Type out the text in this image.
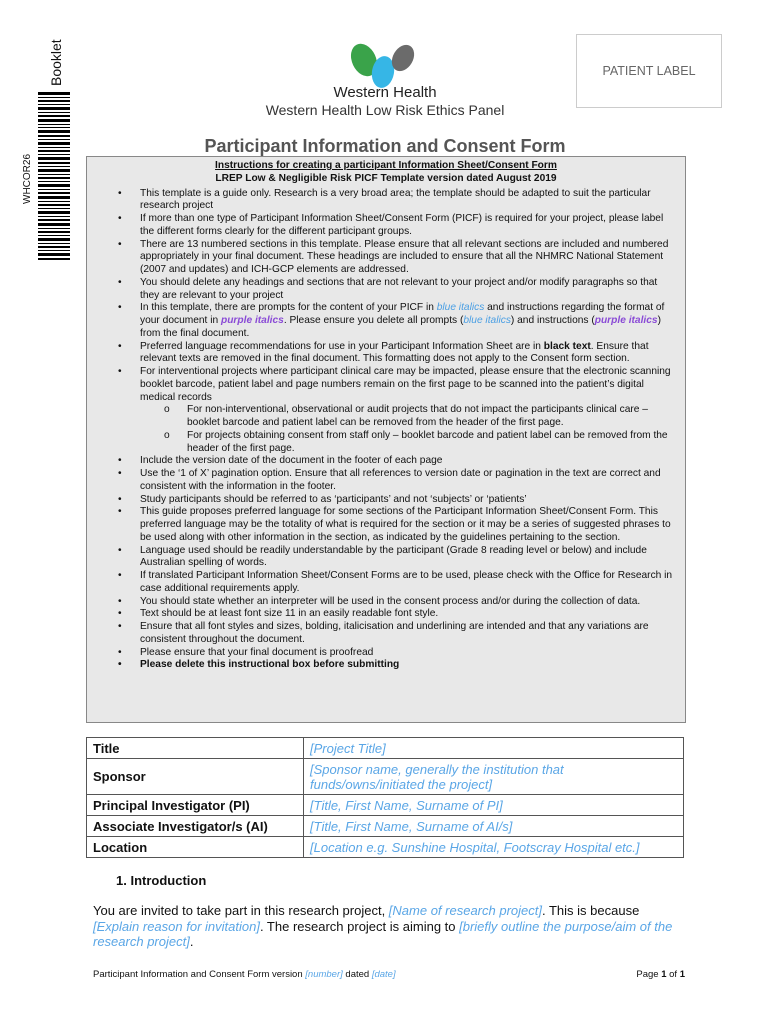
Booklet
WHCOR26
Western Health
Western Health Low Risk Ethics Panel
PATIENT LABEL
Participant Information and Consent Form
Instructions for creating a participant Information Sheet/Consent Form
LREP Low & Negligible Risk PICF Template version dated August 2019
• This template is a guide only. Research is a very broad area; the template should be adapted to suit the particular research project
• If more than one type of Participant Information Sheet/Consent Form (PICF) is required for your project, please label the different forms clearly for the different participant groups.
• There are 13 numbered sections in this template. Please ensure that all relevant sections are included and numbered appropriately in your final document. These headings are included to ensure that all the NHMRC National Statement (2007 and updates) and ICH-GCP elements are addressed.
• You should delete any headings and sections that are not relevant to your project and/or modify paragraphs so that they are relevant to your project
• In this template, there are prompts for the content of your PICF in blue italics and instructions regarding the format of your document in purple italics. Please ensure you delete all prompts (blue italics) and instructions (purple italics) from the final document.
• Preferred language recommendations for use in your Participant Information Sheet are in black text. Ensure that relevant texts are removed in the final document. This formatting does not apply to the Consent form section.
• For interventional projects where participant clinical care may be impacted, please ensure that the electronic scanning booklet barcode, patient label and page numbers remain on the first page to be scanned into the patient’s digital medical records
o For non-interventional, observational or audit projects that do not impact the participants clinical care – booklet barcode and patient label can be removed from the header of the first page.
o For projects obtaining consent from staff only – booklet barcode and patient label can be removed from the header of the first page.
• Include the version date of the document in the footer of each page
• Use the ‘1 of X’ pagination option. Ensure that all references to version date or pagination in the text are correct and consistent with the information in the footer.
• Study participants should be referred to as ‘participants’ and not ‘subjects’ or ‘patients’
• This guide proposes preferred language for some sections of the Participant Information Sheet/Consent Form. This preferred language may be the totality of what is required for the section or it may be a series of suggested phrases to be used along with other information in the section, as indicated by the guidelines pertaining to the section.
• Language used should be readily understandable by the participant (Grade 8 reading level or below) and include Australian spelling of words.
• If translated Participant Information Sheet/Consent Forms are to be used, please check with the Office for Research in case additional requirements apply.
• You should state whether an interpreter will be used in the consent process and/or during the collection of data.
• Text should be at least font size 11 in an easily readable font style.
• Ensure that all font styles and sizes, bolding, italicisation and underlining are intended and that any variations are consistent throughout the document.
• Please ensure that your final document is proofread
• Please delete this instructional box before submitting
Title	[Project Title]
Sponsor	[Sponsor name, generally the institution that funds/owns/initiated the project]
Principal Investigator (PI)	[Title, First Name, Surname of PI]
Associate Investigator/s (AI)	[Title, First Name, Surname of AI/s]
Location	[Location e.g. Sunshine Hospital, Footscray Hospital etc.]
1. Introduction
You are invited to take part in this research project, [Name of research project]. This is because [Explain reason for invitation]. The research project is aiming to [briefly outline the purpose/aim of the research project].
Participant Information and Consent Form version [number] dated [date]	Page 1 of 1
